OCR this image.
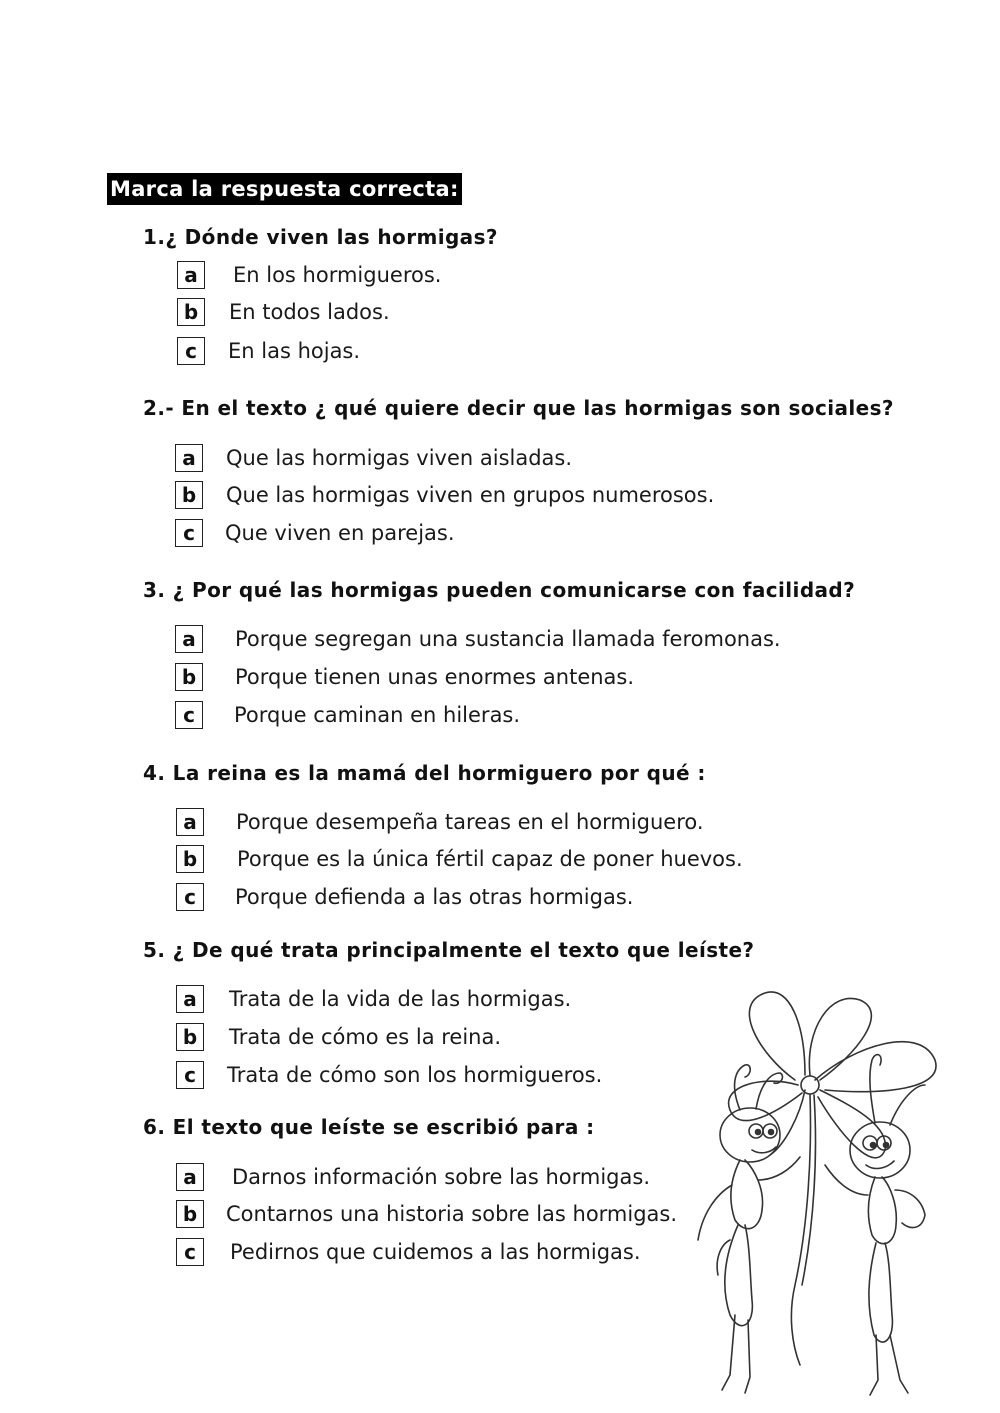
Marca la respuesta correcta:
1.¿ Dónde viven las hormigas?
a	En los hormigueros.
b	En todos lados.
c	En las hojas.
2.- En el texto ¿ qué quiere decir que las hormigas son sociales?
a	Que las hormigas viven aisladas.
b	Que las hormigas viven en grupos numerosos.
c	Que viven en parejas.
3. ¿ Por qué las hormigas pueden comunicarse con facilidad?
a	Porque segregan una sustancia llamada feromonas.
b	Porque tienen unas enormes antenas.
c	Porque caminan en hileras.
4. La reina es la mamá del hormiguero por qué :
a	Porque desempeña tareas en el hormiguero.
b	Porque es la única fértil capaz de poner huevos.
c	Porque defienda a las otras hormigas.
5. ¿ De qué trata principalmente el texto que leíste?
a	Trata de la vida de las hormigas.
b	Trata de cómo es la reina.
c	Trata de cómo son los hormigueros.
6. El texto que leíste se escribió para :
a	Darnos información sobre las hormigas.
b	Contarnos una historia sobre las hormigas.
c	Pedirnos que cuidemos a las hormigas.
